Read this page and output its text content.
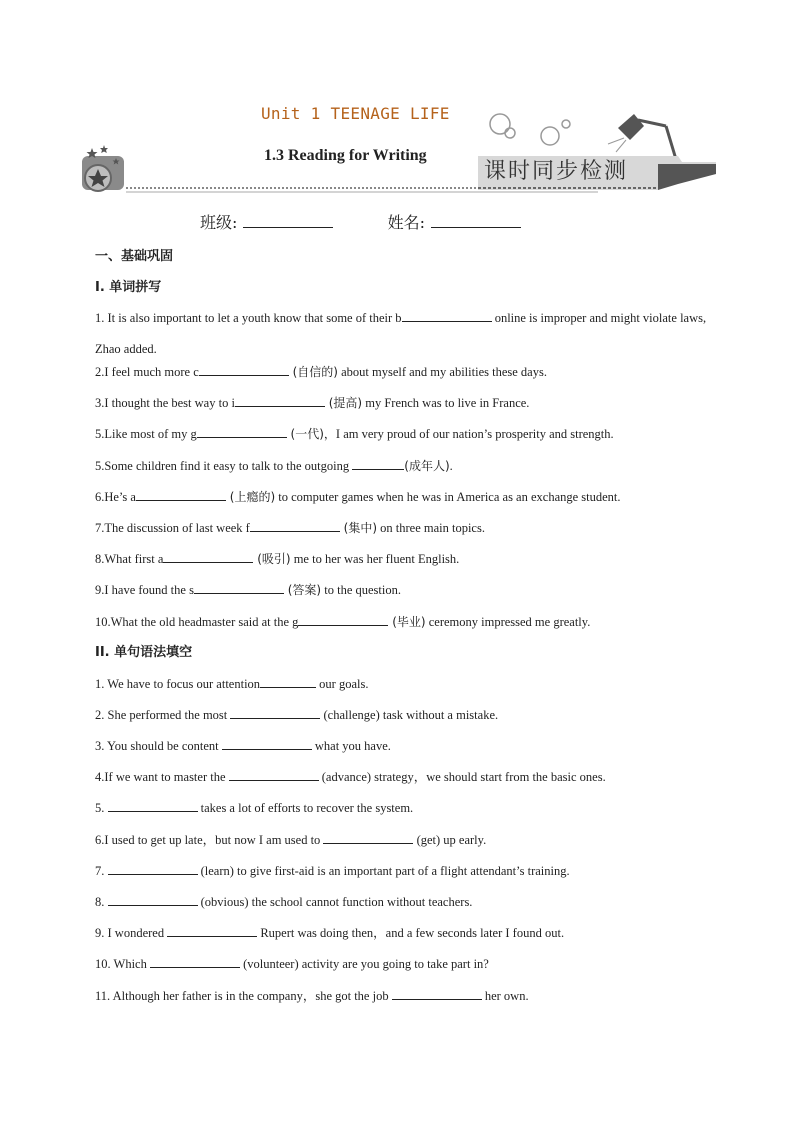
Unit 1 TEENAGE LIFE
1.3 Reading for Writing
课时同步检测
班级:	姓名:
一、基础巩固
I. 单词拼写
1. It is also important to let a youth know that some of their b	online is improper and might violate laws, Zhao added.
2.I feel much more c	(自信的) about myself and my abilities these days.
3.I thought the best way to i	(提高) my French was to live in France.
5.Like most of my g	(一代)，I am very proud of our nation’s prosperity and strength.
5.Some children find it easy to talk to the outgoing	(成年人).
6.He’s a	(上瘾的) to computer games when he was in America as an exchange student.
7.The discussion of last week f	(集中) on three main topics.
8.What first a	(吸引) me to her was her fluent English.
9.I have found the s	(答案) to the question.
10.What the old headmaster said at the g	(毕业) ceremony impressed me greatly.
II. 单句语法填空
1. We have to focus our attention	our goals.
2. She performed the most	(challenge) task without a mistake.
3. You should be content	what you have.
4.If we want to master the	(advance) strategy，we should start from the basic ones.
5.	takes a lot of efforts to recover the system.
6.I used to get up late，but now I am used to	(get) up early.
7.	(learn) to give first-aid is an important part of a flight attendant’s training.
8.	(obvious) the school cannot function without teachers.
9. I wondered	Rupert was doing then，and a few seconds later I found out.
10. Which	(volunteer) activity are you going to take part in?
11. Although her father is in the company，she got the job	her own.
